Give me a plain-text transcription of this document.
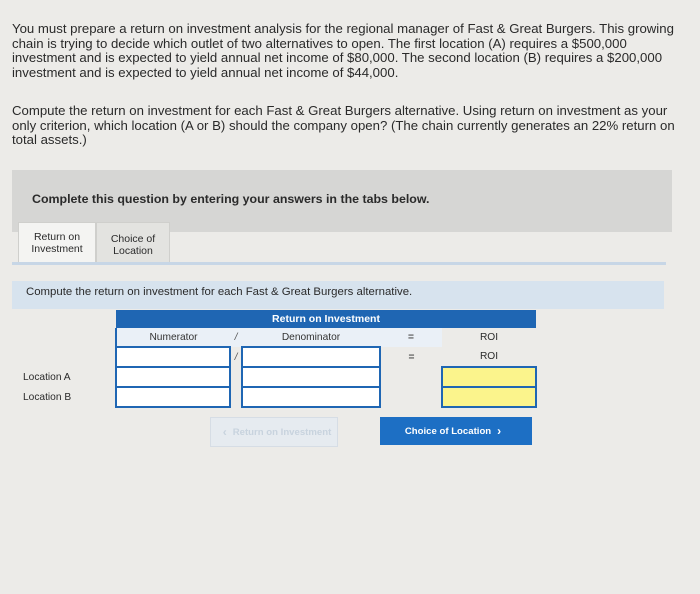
You must prepare a return on investment analysis for the regional manager of Fast & Great Burgers. This growing chain is trying to decide which outlet of two alternatives to open. The first location (A) requires a $500,000 investment and is expected to yield annual net income of $80,000. The second location (B) requires a $200,000 investment and is expected to yield annual net income of $44,000.
Compute the return on investment for each Fast & Great Burgers alternative. Using return on investment as your only criterion, which location (A or B) should the company open? (The chain currently generates an 22% return on total assets.)
Complete this question by entering your answers in the tabs below.
Return on Investment
Choice of Location
Compute the return on investment for each Fast & Great Burgers alternative.
	Return on Investment					
	Numerator	/	Denominator	=	ROI	
		/		=	ROI	
Location A						
Location B						
‹ Return on Investment	Choice of Location ›
